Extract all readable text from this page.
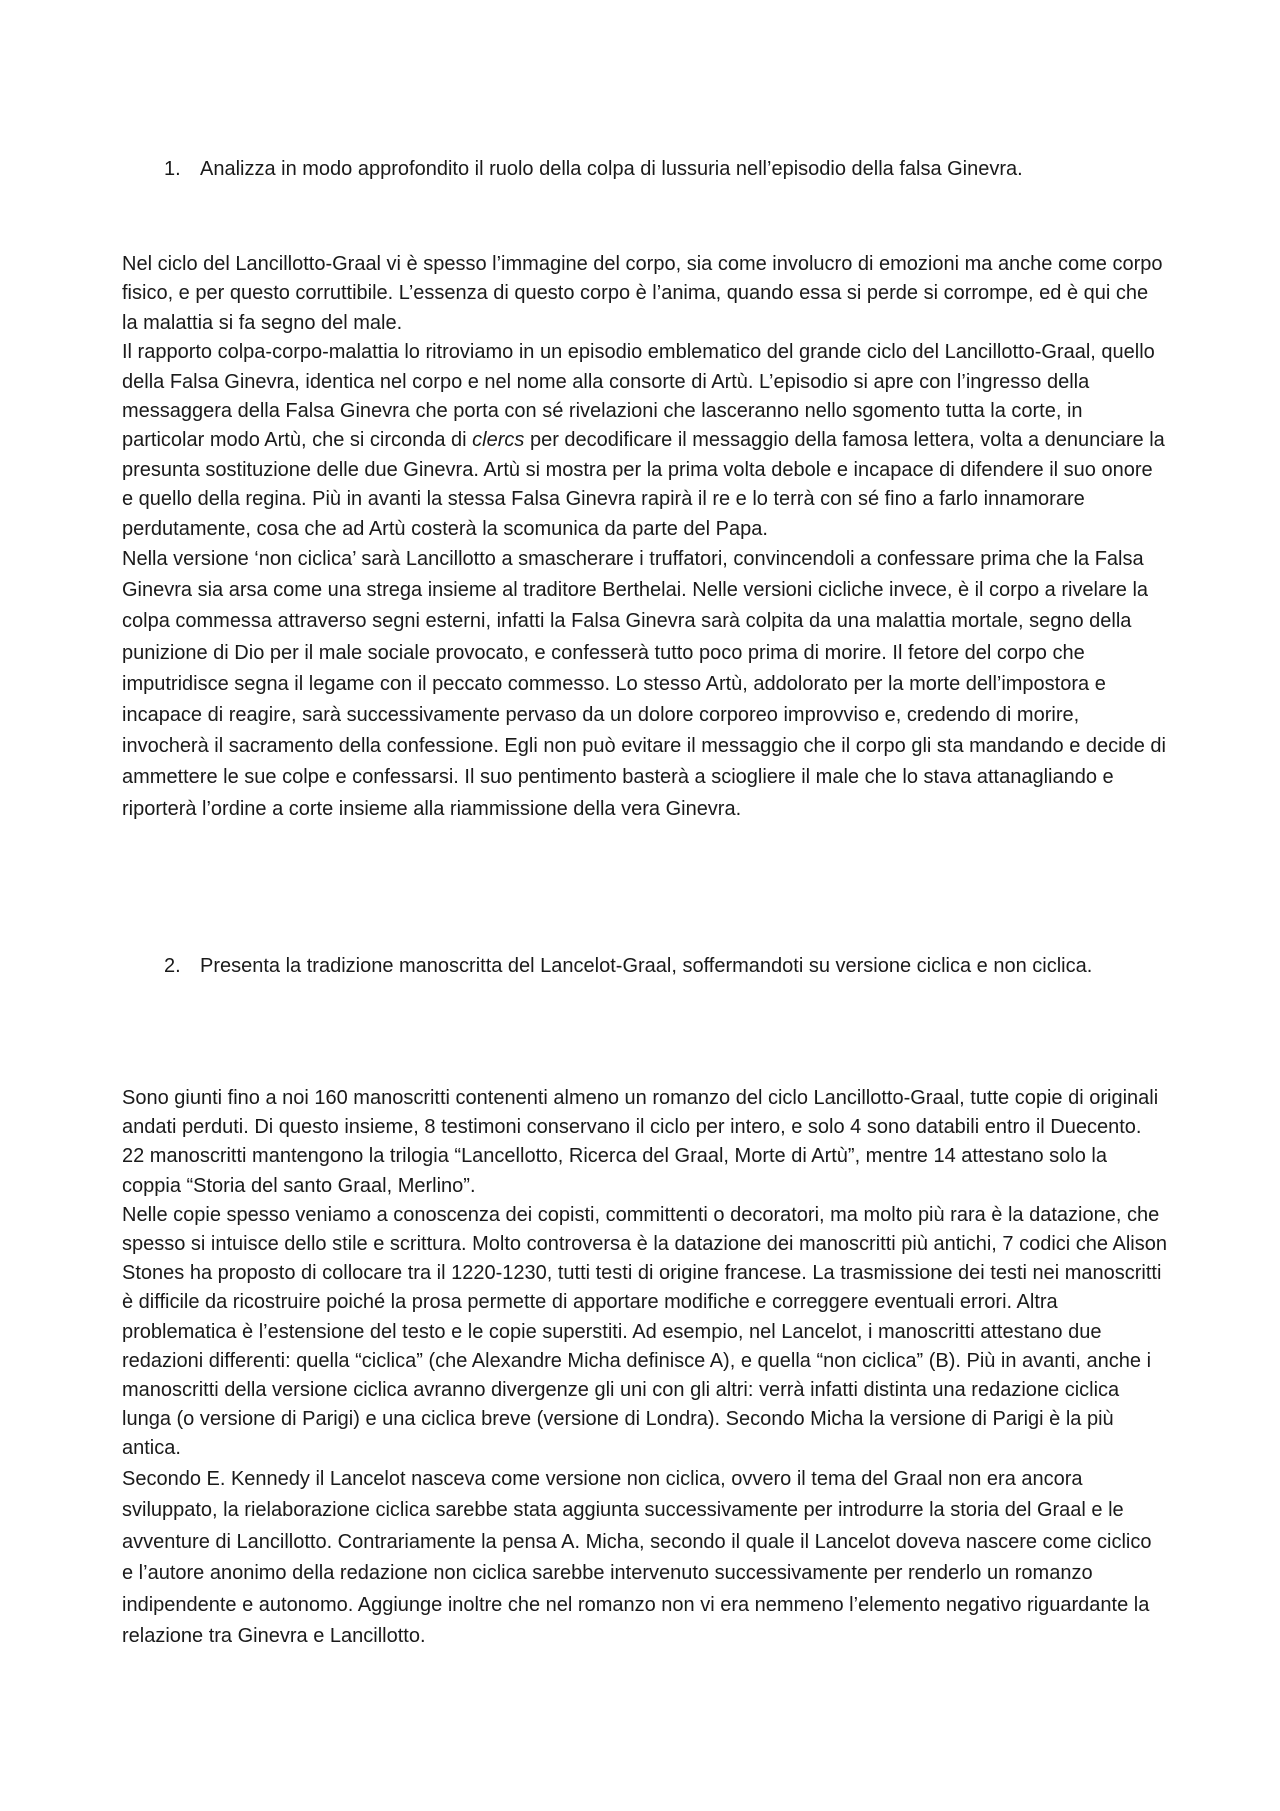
1. Analizza in modo approfondito il ruolo della colpa di lussuria nell’episodio della falsa Ginevra.

Nel ciclo del Lancillotto-Graal vi è spesso l’immagine del corpo, sia come involucro di emozioni ma anche come corpo fisico, e per questo corruttibile. L’essenza di questo corpo è l’anima, quando essa si perde si corrompe, ed è qui che la malattia si fa segno del male.

Il rapporto colpa-corpo-malattia lo ritroviamo in un episodio emblematico del grande ciclo del Lancillotto-Graal, quello della Falsa Ginevra, identica nel corpo e nel nome alla consorte di Artù. L’episodio si apre con l’ingresso della messaggera della Falsa Ginevra che porta con sé rivelazioni che lasceranno nello sgomento tutta la corte, in particolar modo Artù, che si circonda di clercs per decodificare il messaggio della famosa lettera, volta a denunciare la presunta sostituzione delle due Ginevra. Artù si mostra per la prima volta debole e incapace di difendere il suo onore e quello della regina. Più in avanti la stessa Falsa Ginevra rapirà il re e lo terrà con sé fino a farlo innamorare perdutamente, cosa che ad Artù costerà la scomunica da parte del Papa.

Nella versione ‘non ciclica’ sarà Lancillotto a smascherare i truffatori, convincendoli a confessare prima che la Falsa Ginevra sia arsa come una strega insieme al traditore Berthelai. Nelle versioni cicliche invece, è il corpo a rivelare la colpa commessa attraverso segni esterni, infatti la Falsa Ginevra sarà colpita da una malattia mortale, segno della punizione di Dio per il male sociale provocato, e confesserà tutto poco prima di morire. Il fetore del corpo che imputridisce segna il legame con il peccato commesso. Lo stesso Artù, addolorato per la morte dell’impostora e incapace di reagire, sarà successivamente pervaso da un dolore corporeo improvviso e, credendo di morire, invocherà il sacramento della confessione. Egli non può evitare il messaggio che il corpo gli sta mandando e decide di ammettere le sue colpe e confessarsi. Il suo pentimento basterà a sciogliere il male che lo stava attanagliando e riporterà l’ordine a corte insieme alla riammissione della vera Ginevra.

2. Presenta la tradizione manoscritta del Lancelot-Graal, soffermandoti su versione ciclica e non ciclica.

Sono giunti fino a noi 160 manoscritti contenenti almeno un romanzo del ciclo Lancillotto-Graal, tutte copie di originali andati perduti. Di questo insieme, 8 testimoni conservano il ciclo per intero, e solo 4 sono databili entro il Duecento. 22 manoscritti mantengono la trilogia “Lancellotto, Ricerca del Graal, Morte di Artù”, mentre 14 attestano solo la coppia “Storia del santo Graal, Merlino”.

Nelle copie spesso veniamo a conoscenza dei copisti, committenti o decoratori, ma molto più rara è la datazione, che spesso si intuisce dello stile e scrittura. Molto controversa è la datazione dei manoscritti più antichi, 7 codici che Alison Stones ha proposto di collocare tra il 1220-1230, tutti testi di origine francese. La trasmissione dei testi nei manoscritti è difficile da ricostruire poiché la prosa permette di apportare modifiche e correggere eventuali errori. Altra problematica è l’estensione del testo e le copie superstiti. Ad esempio, nel Lancelot, i manoscritti attestano due redazioni differenti: quella “ciclica” (che Alexandre Micha definisce A), e quella “non ciclica” (B). Più in avanti, anche i manoscritti della versione ciclica avranno divergenze gli uni con gli altri: verrà infatti distinta una redazione ciclica lunga (o versione di Parigi) e una ciclica breve (versione di Londra). Secondo Micha la versione di Parigi è la più antica.

Secondo E. Kennedy il Lancelot nasceva come versione non ciclica, ovvero il tema del Graal non era ancora sviluppato, la rielaborazione ciclica sarebbe stata aggiunta successivamente per introdurre la storia del Graal e le avventure di Lancillotto. Contrariamente la pensa A. Micha, secondo il quale il Lancelot doveva nascere come ciclico e l’autore anonimo della redazione non ciclica sarebbe intervenuto successivamente per renderlo un romanzo indipendente e autonomo. Aggiunge inoltre che nel romanzo non vi era nemmeno l’elemento negativo riguardante la relazione tra Ginevra e Lancillotto.
